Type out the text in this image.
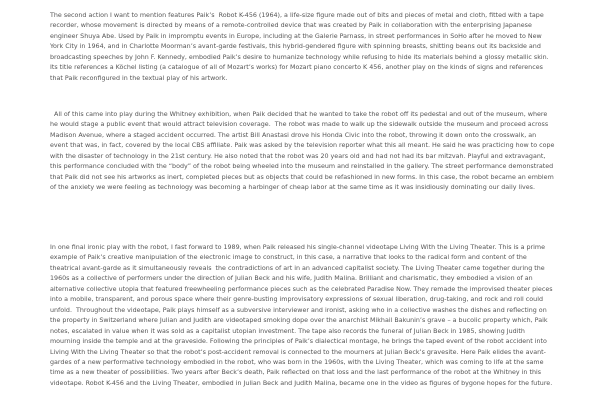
The second action I want to mention features Paik’s  Robot K-456 (1964), a life-size figure made out of bits and pieces of metal and cloth, fitted with a tape recorder, whose movement is directed by means of a remote-controlled device that was created by Paik in collaboration with the enterprising Japanese engineer Shuya Abe. Used by Paik in impromptu events in Europe, including at the Galerie Parnass, in street performances in SoHo after he moved to New York City in 1964, and in Charlotte Moorman’s avant-garde festivals, this hybrid-gendered figure with spinning breasts, shitting beans out its backside and broadcasting speeches by John F. Kennedy, embodied Paik’s desire to humanize technology while refusing to hide its materials behind a glossy metallic skin. Its title references a Köchel listing (a catalogue of all of Mozart’s works) for Mozart piano concerto K 456, another play on the kinds of signs and references that Paik reconfigured in the textual play of his artwork.

All of this came into play during the Whitney exhibition, when Paik decided that he wanted to take the robot off its pedestal and out of the museum, where he would stage a public event that would attract television coverage.  The robot was made to walk up the sidewalk outside the museum and proceed across Madison Avenue, where a staged accident occurred. The artist Bill Anastasi drove his Honda Civic into the robot, throwing it down onto the crosswalk, an event that was, in fact, covered by the local CBS affiliate. Paik was asked by the television reporter what this all meant. He said he was practicing how to cope with the disaster of technology in the 21st century. He also noted that the robot was 20 years old and had not had its bar mitzvah. Playful and extravagant, this performance concluded with the “body” of the robot being wheeled into the museum and reinstalled in the gallery. The street performance demonstrated that Paik did not see his artworks as inert, completed pieces but as objects that could be refashioned in new forms. In this case, the robot became an emblem of the anxiety we were feeling as technology was becoming a harbinger of cheap labor at the same time as it was insidiously dominating our daily lives.

In one final ironic play with the robot, I fast forward to 1989, when Paik released his single-channel videotape Living With the Living Theater. This is a prime example of Paik’s creative manipulation of the electronic image to construct, in this case, a narrative that looks to the radical form and content of the theatrical avant-garde as it simultaneously reveals  the contradictions of art in an advanced capitalist society. The Living Theater came together during the 1960s as a collective of performers under the direction of Julian Beck and his wife, Judith Malina. Brilliant and charismatic, they embodied a vision of an alternative collective utopia that featured freewheeling performance pieces such as the celebrated Paradise Now. They remade the improvised theater pieces into a mobile, transparent, and porous space where their genre-busting improvisatory expressions of sexual liberation, drug-taking, and rock and roll could unfold.  Throughout the videotape, Paik plays himself as a subversive interviewer and ironist, asking who in a collective washes the dishes and reflecting on the property in Switzerland where Julian and Judith are videotaped smoking dope over the anarchist Mikhail Bakunin’s grave – a bucolic property which, Paik notes, escalated in value when it was sold as a capitalist utopian investment. The tape also records the funeral of Julian Beck in 1985, showing Judith mourning inside the temple and at the graveside. Following the principles of Paik’s dialectical montage, he brings the taped event of the robot accident into Living With the Living Theater so that the robot’s post-accident removal is connected to the mourners at Julian Beck’s gravesite. Here Paik elides the avant-gardes of a new performative technology embodied in the robot, who was born in the 1960s, with the Living Theater, which was coming to life at the same time as a new theater of possibilities. Two years after Beck’s death, Paik reflected on that loss and the last performance of the robot at the Whitney in this videotape. Robot K-456 and the Living Theater, embodied in Julian Beck and Judith Malina, became one in the video as figures of bygone hopes for the future.
